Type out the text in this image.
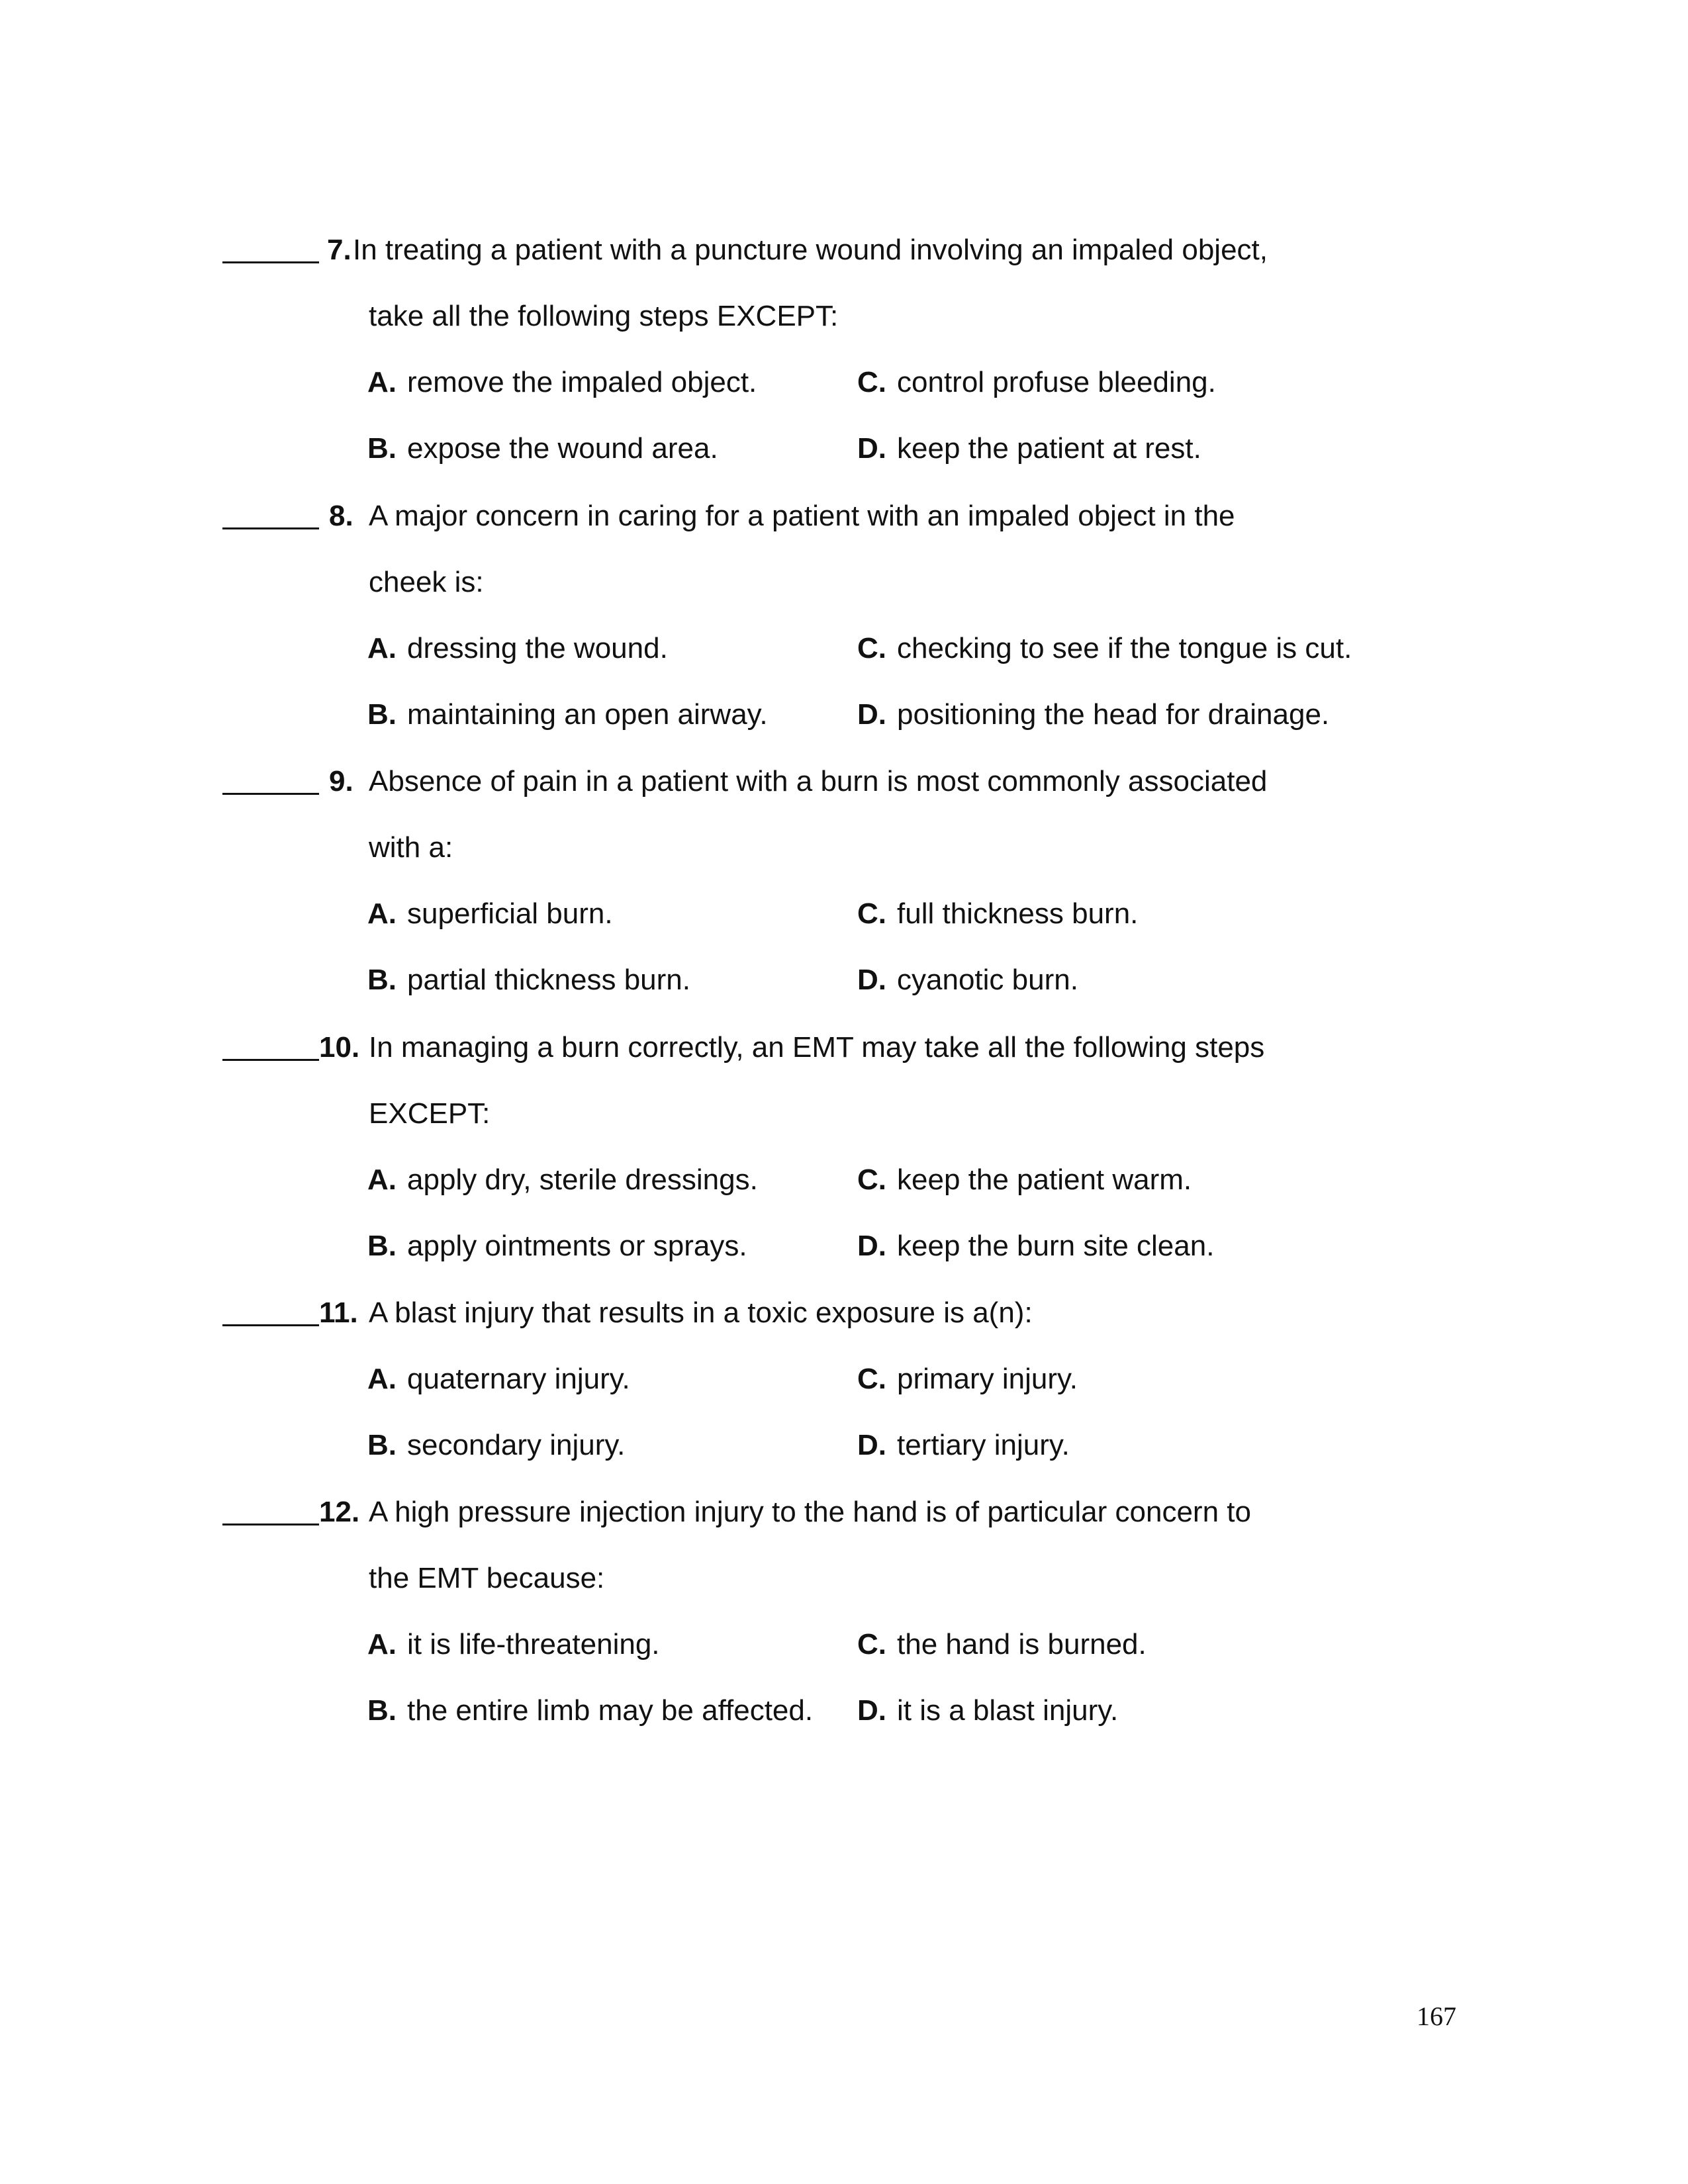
7. In treating a patient with a puncture wound involving an impaled object,
take all the following steps EXCEPT:
A. remove the impaled object.
B. expose the wound area.
C. control profuse bleeding.
D. keep the patient at rest.
8. A major concern in caring for a patient with an impaled object in the
cheek is:
A. dressing the wound.
B. maintaining an open airway.
C. checking to see if the tongue is cut.
D. positioning the head for drainage.
9. Absence of pain in a patient with a burn is most commonly associated
with a:
A. superficial burn.
B. partial thickness burn.
C. full thickness burn.
D. cyanotic burn.
10. In managing a burn correctly, an EMT may take all the following steps
EXCEPT:
A. apply dry, sterile dressings.
B. apply ointments or sprays.
C. keep the patient warm.
D. keep the burn site clean.
11. A blast injury that results in a toxic exposure is a(n):
A. quaternary injury.
B. secondary injury.
C. primary injury.
D. tertiary injury.
12. A high pressure injection injury to the hand is of particular concern to
the EMT because:
A. it is life-threatening.
B. the entire limb may be affected.
C. the hand is burned.
D. it is a blast injury.
167
